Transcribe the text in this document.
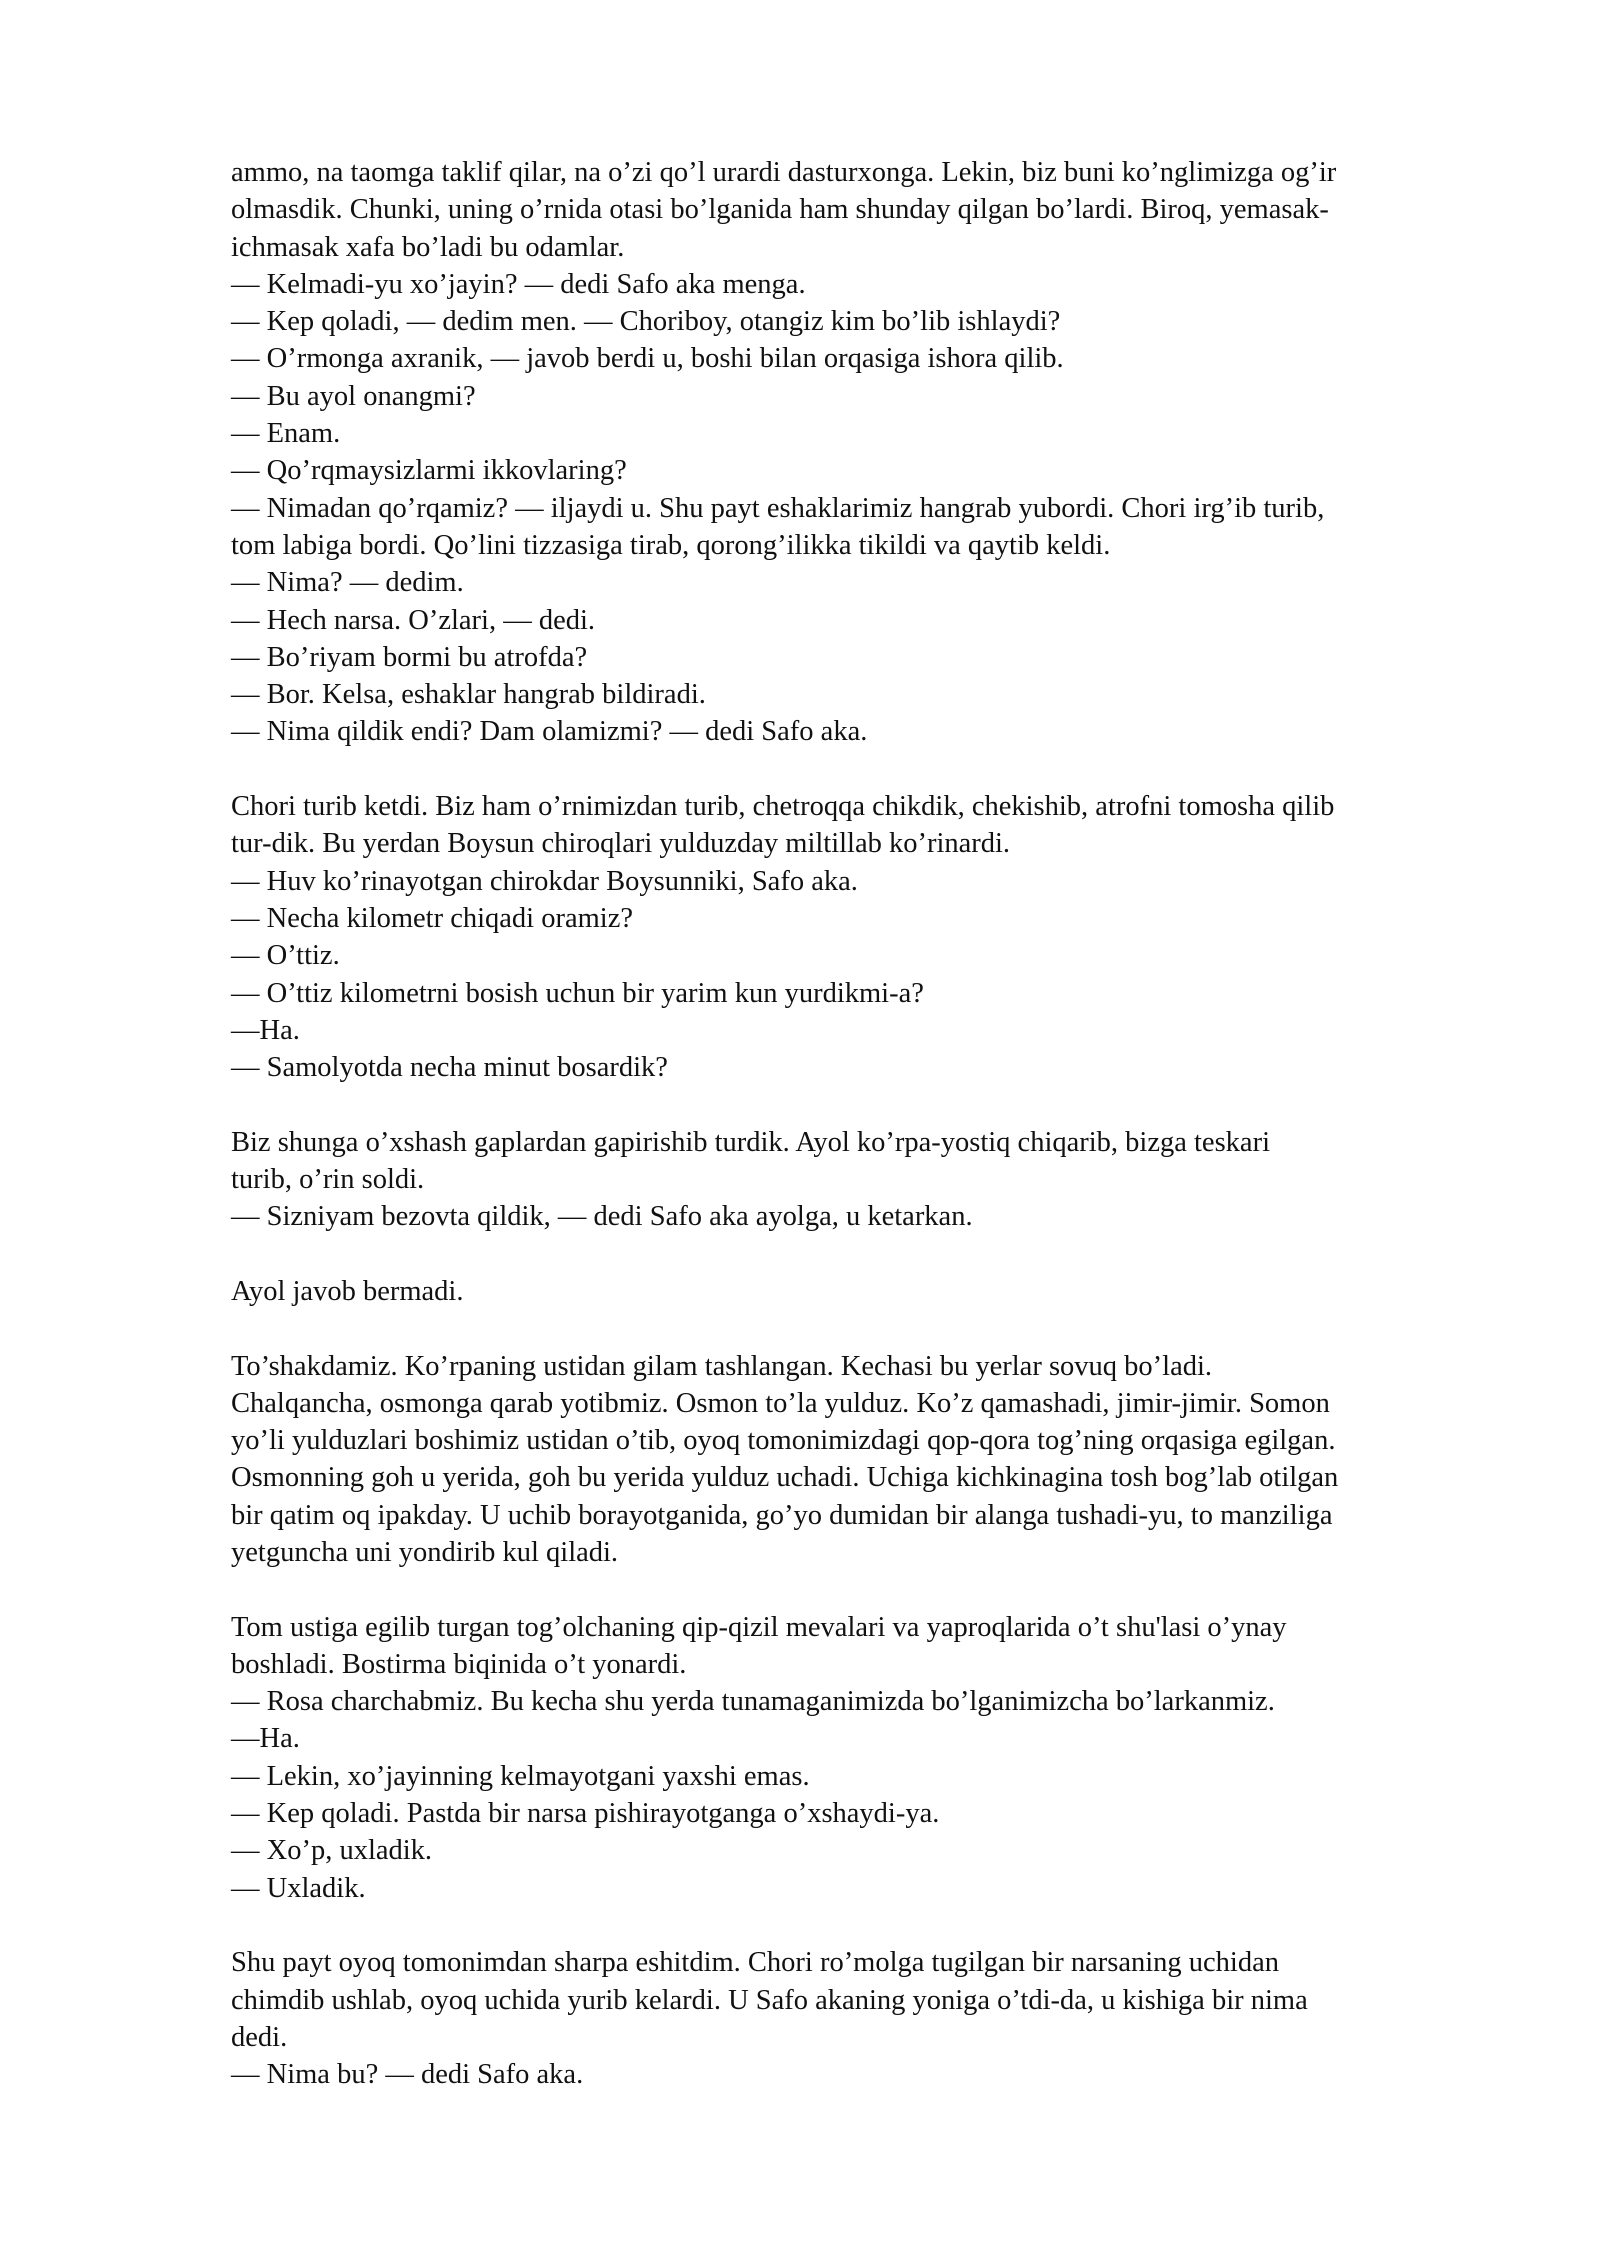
ammo, na taomga taklif qilar, na o’zi qo’l urardi dasturxonga. Lekin, biz buni ko’nglimizga og’ir
olmasdik. Chunki, uning o’rnida otasi bo’lganida ham shunday qilgan bo’lardi. Biroq, yemasak-
ichmasak xafa bo’ladi bu odamlar.
— Kelmadi-yu xo’jayin? — dedi Safo aka menga.
— Kep qoladi, — dedim men. — Choriboy, otangiz kim bo’lib ishlaydi?
— O’rmonga axranik, — javob berdi u, boshi bilan orqasiga ishora qilib.
— Bu ayol onangmi?
— Enam.
— Qo’rqmaysizlarmi ikkovlaring?
— Nimadan qo’rqamiz? — iljaydi u. Shu payt eshaklarimiz hangrab yubordi. Chori irg’ib turib,
tom labiga bordi. Qo’lini tizzasiga tirab, qorong’ilikka tikildi va qaytib keldi.
— Nima? — dedim.
— Hech narsa. O’zlari, — dedi.
— Bo’riyam bormi bu atrofda?
— Bor. Kelsa, eshaklar hangrab bildiradi.
— Nima qildik endi? Dam olamizmi? — dedi Safo aka.
Chori turib ketdi. Biz ham o’rnimizdan turib, chetroqqa chikdik, chekishib, atrofni tomosha qilib
tur-dik. Bu yerdan Boysun chiroqlari yulduzday miltillab ko’rinardi.
— Huv ko’rinayotgan chirokdar Boysunniki, Safo aka.
— Necha kilometr chiqadi oramiz?
— O’ttiz.
— O’ttiz kilometrni bosish uchun bir yarim kun yurdikmi-a?
—Ha.
— Samolyotda necha minut bosardik?
Biz shunga o’xshash gaplardan gapirishib turdik. Ayol ko’rpa-yostiq chiqarib, bizga teskari
turib, o’rin soldi.
— Sizniyam bezovta qildik, — dedi Safo aka ayolga, u ketarkan.
Ayol javob bermadi.
To’shakdamiz. Ko’rpaning ustidan gilam tashlangan. Kechasi bu yerlar sovuq bo’ladi.
Chalqancha, osmonga qarab yotibmiz. Osmon to’la yulduz. Ko’z qamashadi, jimir-jimir. Somon
yo’li yulduzlari boshimiz ustidan o’tib, oyoq tomonimizdagi qop-qora tog’ning orqasiga egilgan.
Osmonning goh u yerida, goh bu yerida yulduz uchadi. Uchiga kichkinagina tosh bog’lab otilgan
bir qatim oq ipakday. U uchib borayotganida, go’yo dumidan bir alanga tushadi-yu, to manziliga
yetguncha uni yondirib kul qiladi.
Tom ustiga egilib turgan tog’olchaning qip-qizil mevalari va yaproqlarida o’t shu'lasi o’ynay
boshladi. Bostirma biqinida o’t yonardi.
— Rosa charchabmiz. Bu kecha shu yerda tunamaganimizda bo’lganimizcha bo’larkanmiz.
—Ha.
— Lekin, xo’jayinning kelmayotgani yaxshi emas.
— Kep qoladi. Pastda bir narsa pishirayotganga o’xshaydi-ya.
— Xo’p, uxladik.
— Uxladik.
Shu payt oyoq tomonimdan sharpa eshitdim. Chori ro’molga tugilgan bir narsaning uchidan
chimdib ushlab, oyoq uchida yurib kelardi. U Safo akaning yoniga o’tdi-da, u kishiga bir nima
dedi.
— Nima bu? — dedi Safo aka.
